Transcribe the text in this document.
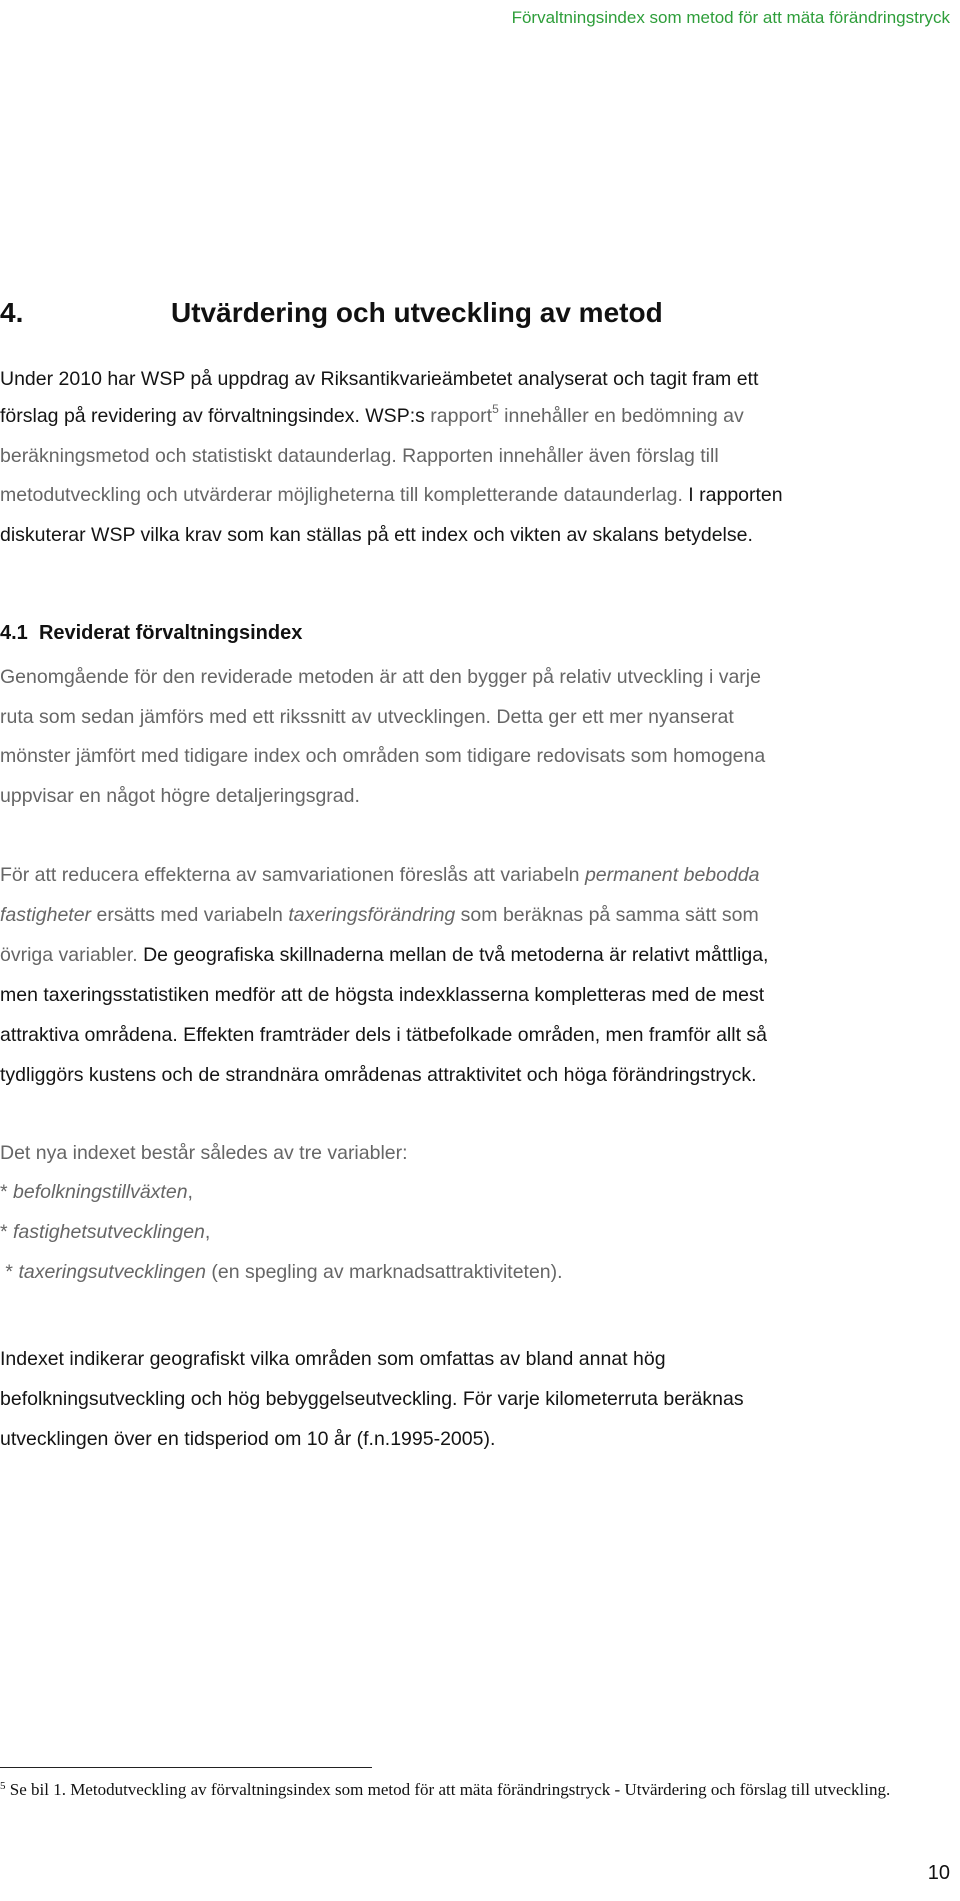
Förvaltningsindex som metod för att mäta förändringstryck
4.	Utvärdering och utveckling av metod
Under 2010 har WSP på uppdrag av Riksantikvarieämbetet analyserat och tagit fram ett
förslag på revidering av förvaltningsindex. WSP:s rapport$^5$ innehåller en bedömning av
beräkningsmetod och statistiskt dataunderlag. Rapporten innehåller även förslag till
metodutveckling och utvärderar möjligheterna till kompletterande dataunderlag. I rapporten
diskuterar WSP vilka krav som kan ställas på ett index och vikten av skalans betydelse.
4.1 Reviderat förvaltningsindex
Genomgående för den reviderade metoden är att den bygger på relativ utveckling i varje
ruta som sedan jämförs med ett rikssnitt av utvecklingen. Detta ger ett mer nyanserat
mönster jämfört med tidigare index och områden som tidigare redovisats som homogena
uppvisar en något högre detaljeringsgrad.
För att reducera effekterna av samvariationen föreslås att variabeln permanent bebodda
fastigheter ersätts med variabeln taxeringsförändring som beräknas på samma sätt som
övriga variabler. De geografiska skillnaderna mellan de två metoderna är relativt måttliga,
men taxeringsstatistiken medför att de högsta indexklasserna kompletteras med de mest
attraktiva områdena. Effekten framträder dels i tätbefolkade områden, men framför allt så
tydliggörs kustens och de strandnära områdenas attraktivitet och höga förändringstryck.
Det nya indexet består således av tre variabler:
* befolkningstillväxten,
* fastighetsutvecklingen,
* taxeringsutvecklingen (en spegling av marknadsattraktiviteten).
Indexet indikerar geografiskt vilka områden som omfattas av bland annat hög
befolkningsutveckling och hög bebyggelseutveckling. För varje kilometerruta beräknas
utvecklingen över en tidsperiod om 10 år (f.n.1995-2005).
$^5$ Se bil 1. Metodutveckling av förvaltningsindex som metod för att mäta förändringstryck - Utvärdering och förslag till utveckling.
10
